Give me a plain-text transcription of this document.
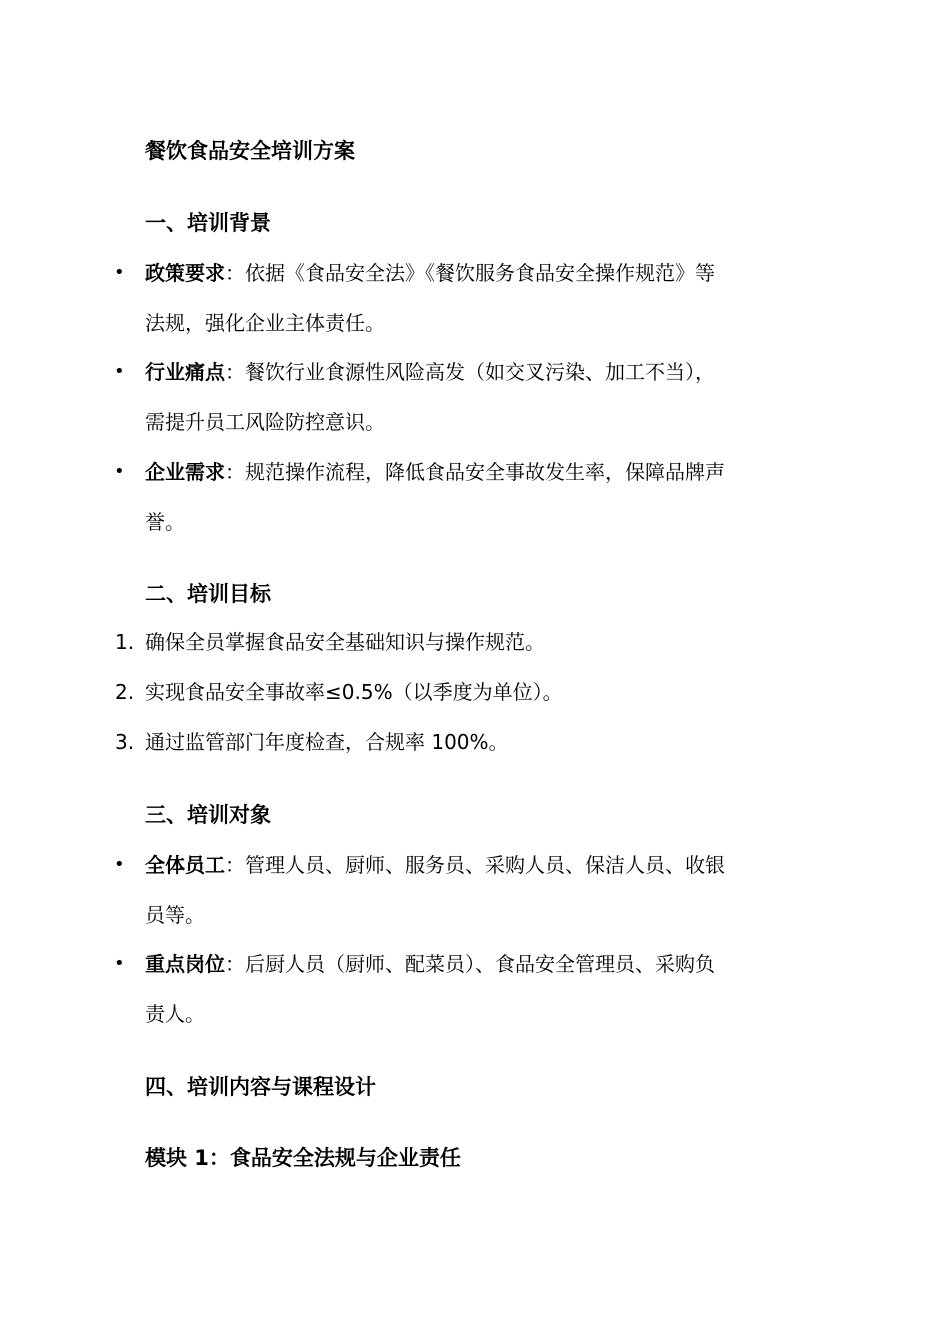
餐饮食品安全培训方案
一、培训背景
• 政策要求：依据《食品安全法》《餐饮服务食品安全操作规范》等
法规，强化企业主体责任。
• 行业痛点：餐饮行业食源性风险高发（如交叉污染、加工不当），
需提升员工风险防控意识。
• 企业需求：规范操作流程，降低食品安全事故发生率，保障品牌声
誉。
二、培训目标
1. 确保全员掌握食品安全基础知识与操作规范。
2. 实现食品安全事故率≤0.5%（以季度为单位）。
3. 通过监管部门年度检查，合规率 100%。
三、培训对象
• 全体员工：管理人员、厨师、服务员、采购人员、保洁人员、收银
员等。
• 重点岗位：后厨人员（厨师、配菜员）、食品安全管理员、采购负
责人。
四、培训内容与课程设计
模块 1：食品安全法规与企业责任
